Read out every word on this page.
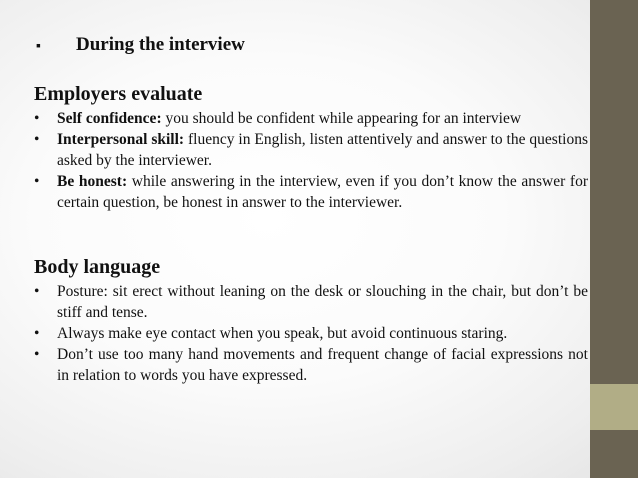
▪	During the interview
Employers evaluate
• Self confidence: you should be confident while appearing for an interview
• Interpersonal skill: fluency in English, listen attentively and answer to the questions asked by the interviewer.
• Be honest: while answering in the interview, even if you don’t know the answer for certain question, be honest in answer to the interviewer.
Body language
• Posture: sit erect without leaning on the desk or slouching in the chair, but don’t be stiff and tense.
• Always make eye contact when you speak, but avoid continuous staring.
• Don’t use too many hand movements and frequent change of facial expressions not in relation to words you have expressed.
